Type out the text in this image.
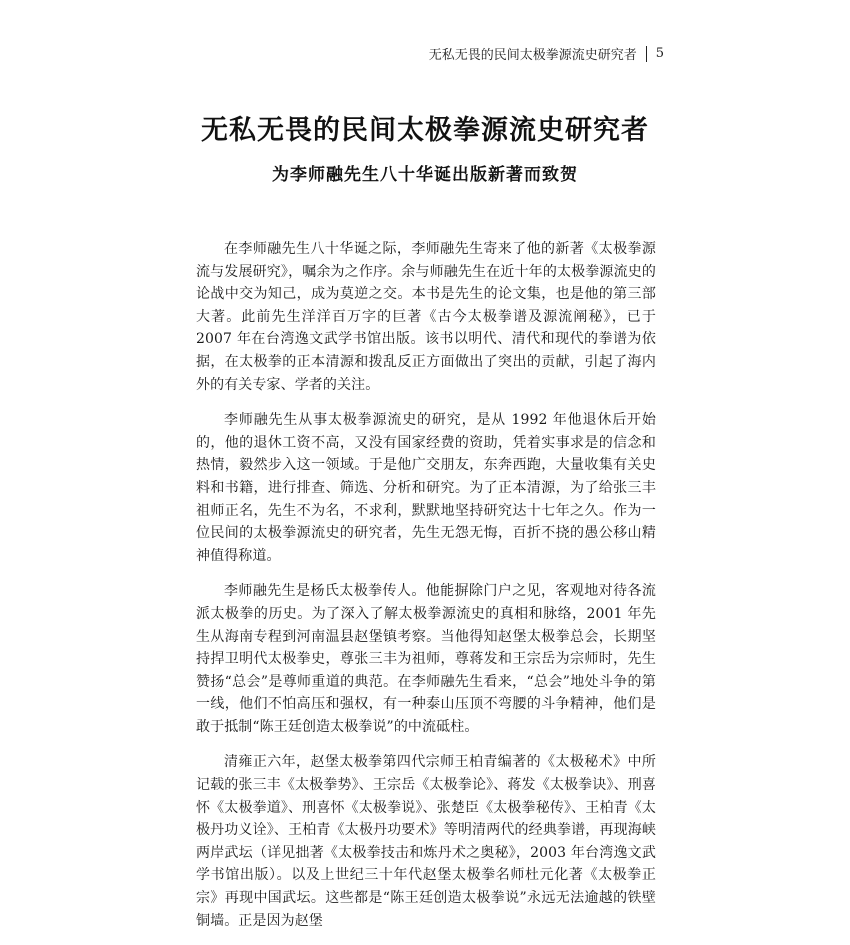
无私无畏的民间太极拳源流史研究者 5
无私无畏的民间太极拳源流史研究者
为李师融先生八十华诞出版新著而致贺

在李师融先生八十华诞之际，李师融先生寄来了他的新著《太极拳源流与发展研究》，嘱余为之作序。余与师融先生在近十年的太极拳源流史的论战中交为知己，成为莫逆之交。本书是先生的论文集，也是他的第三部大著。此前先生洋洋百万字的巨著《古今太极拳谱及源流阐秘》，已于 2007 年在台湾逸文武学书馆出版。该书以明代、清代和现代的拳谱为依据，在太极拳的正本清源和拨乱反正方面做出了突出的贡献，引起了海内外的有关专家、学者的关注。

李师融先生从事太极拳源流史的研究，是从 1992 年他退休后开始的，他的退休工资不高，又没有国家经费的资助，凭着实事求是的信念和热情，毅然步入这一领域。于是他广交朋友，东奔西跑，大量收集有关史料和书籍，进行排查、筛选、分析和研究。为了正本清源，为了给张三丰祖师正名，先生不为名，不求利，默默地坚持研究达十七年之久。作为一位民间的太极拳源流史的研究者，先生无怨无悔，百折不挠的愚公移山精神值得称道。

李师融先生是杨氏太极拳传人。他能摒除门户之见，客观地对待各流派太极拳的历史。为了深入了解太极拳源流史的真相和脉络，2001 年先生从海南专程到河南温县赵堡镇考察。当他得知赵堡太极拳总会，长期坚持捍卫明代太极拳史，尊张三丰为祖师，尊蒋发和王宗岳为宗师时，先生赞扬“总会”是尊师重道的典范。在李师融先生看来，“总会”地处斗争的第一线，他们不怕高压和强权，有一种泰山压顶不弯腰的斗争精神，他们是敢于抵制“陈王廷创造太极拳说”的中流砥柱。

清雍正六年，赵堡太极拳第四代宗师王柏青编著的《太极秘术》中所记载的张三丰《太极拳势》、王宗岳《太极拳论》、蒋发《太极拳诀》、刑喜怀《太极拳道》、刑喜怀《太极拳说》、张楚臣《太极拳秘传》、王柏青《太极丹功义诠》、王柏青《太极丹功要术》等明清两代的经典拳谱，再现海峡两岸武坛（详见拙著《太极拳技击和炼丹术之奥秘》，2003 年台湾逸文武学书馆出版）。以及上世纪三十年代赵堡太极拳名师杜元化著《太极拳正宗》再现中国武坛。这些都是“陈王廷创造太极拳说”永远无法逾越的铁壁铜墙。正是因为赵堡
